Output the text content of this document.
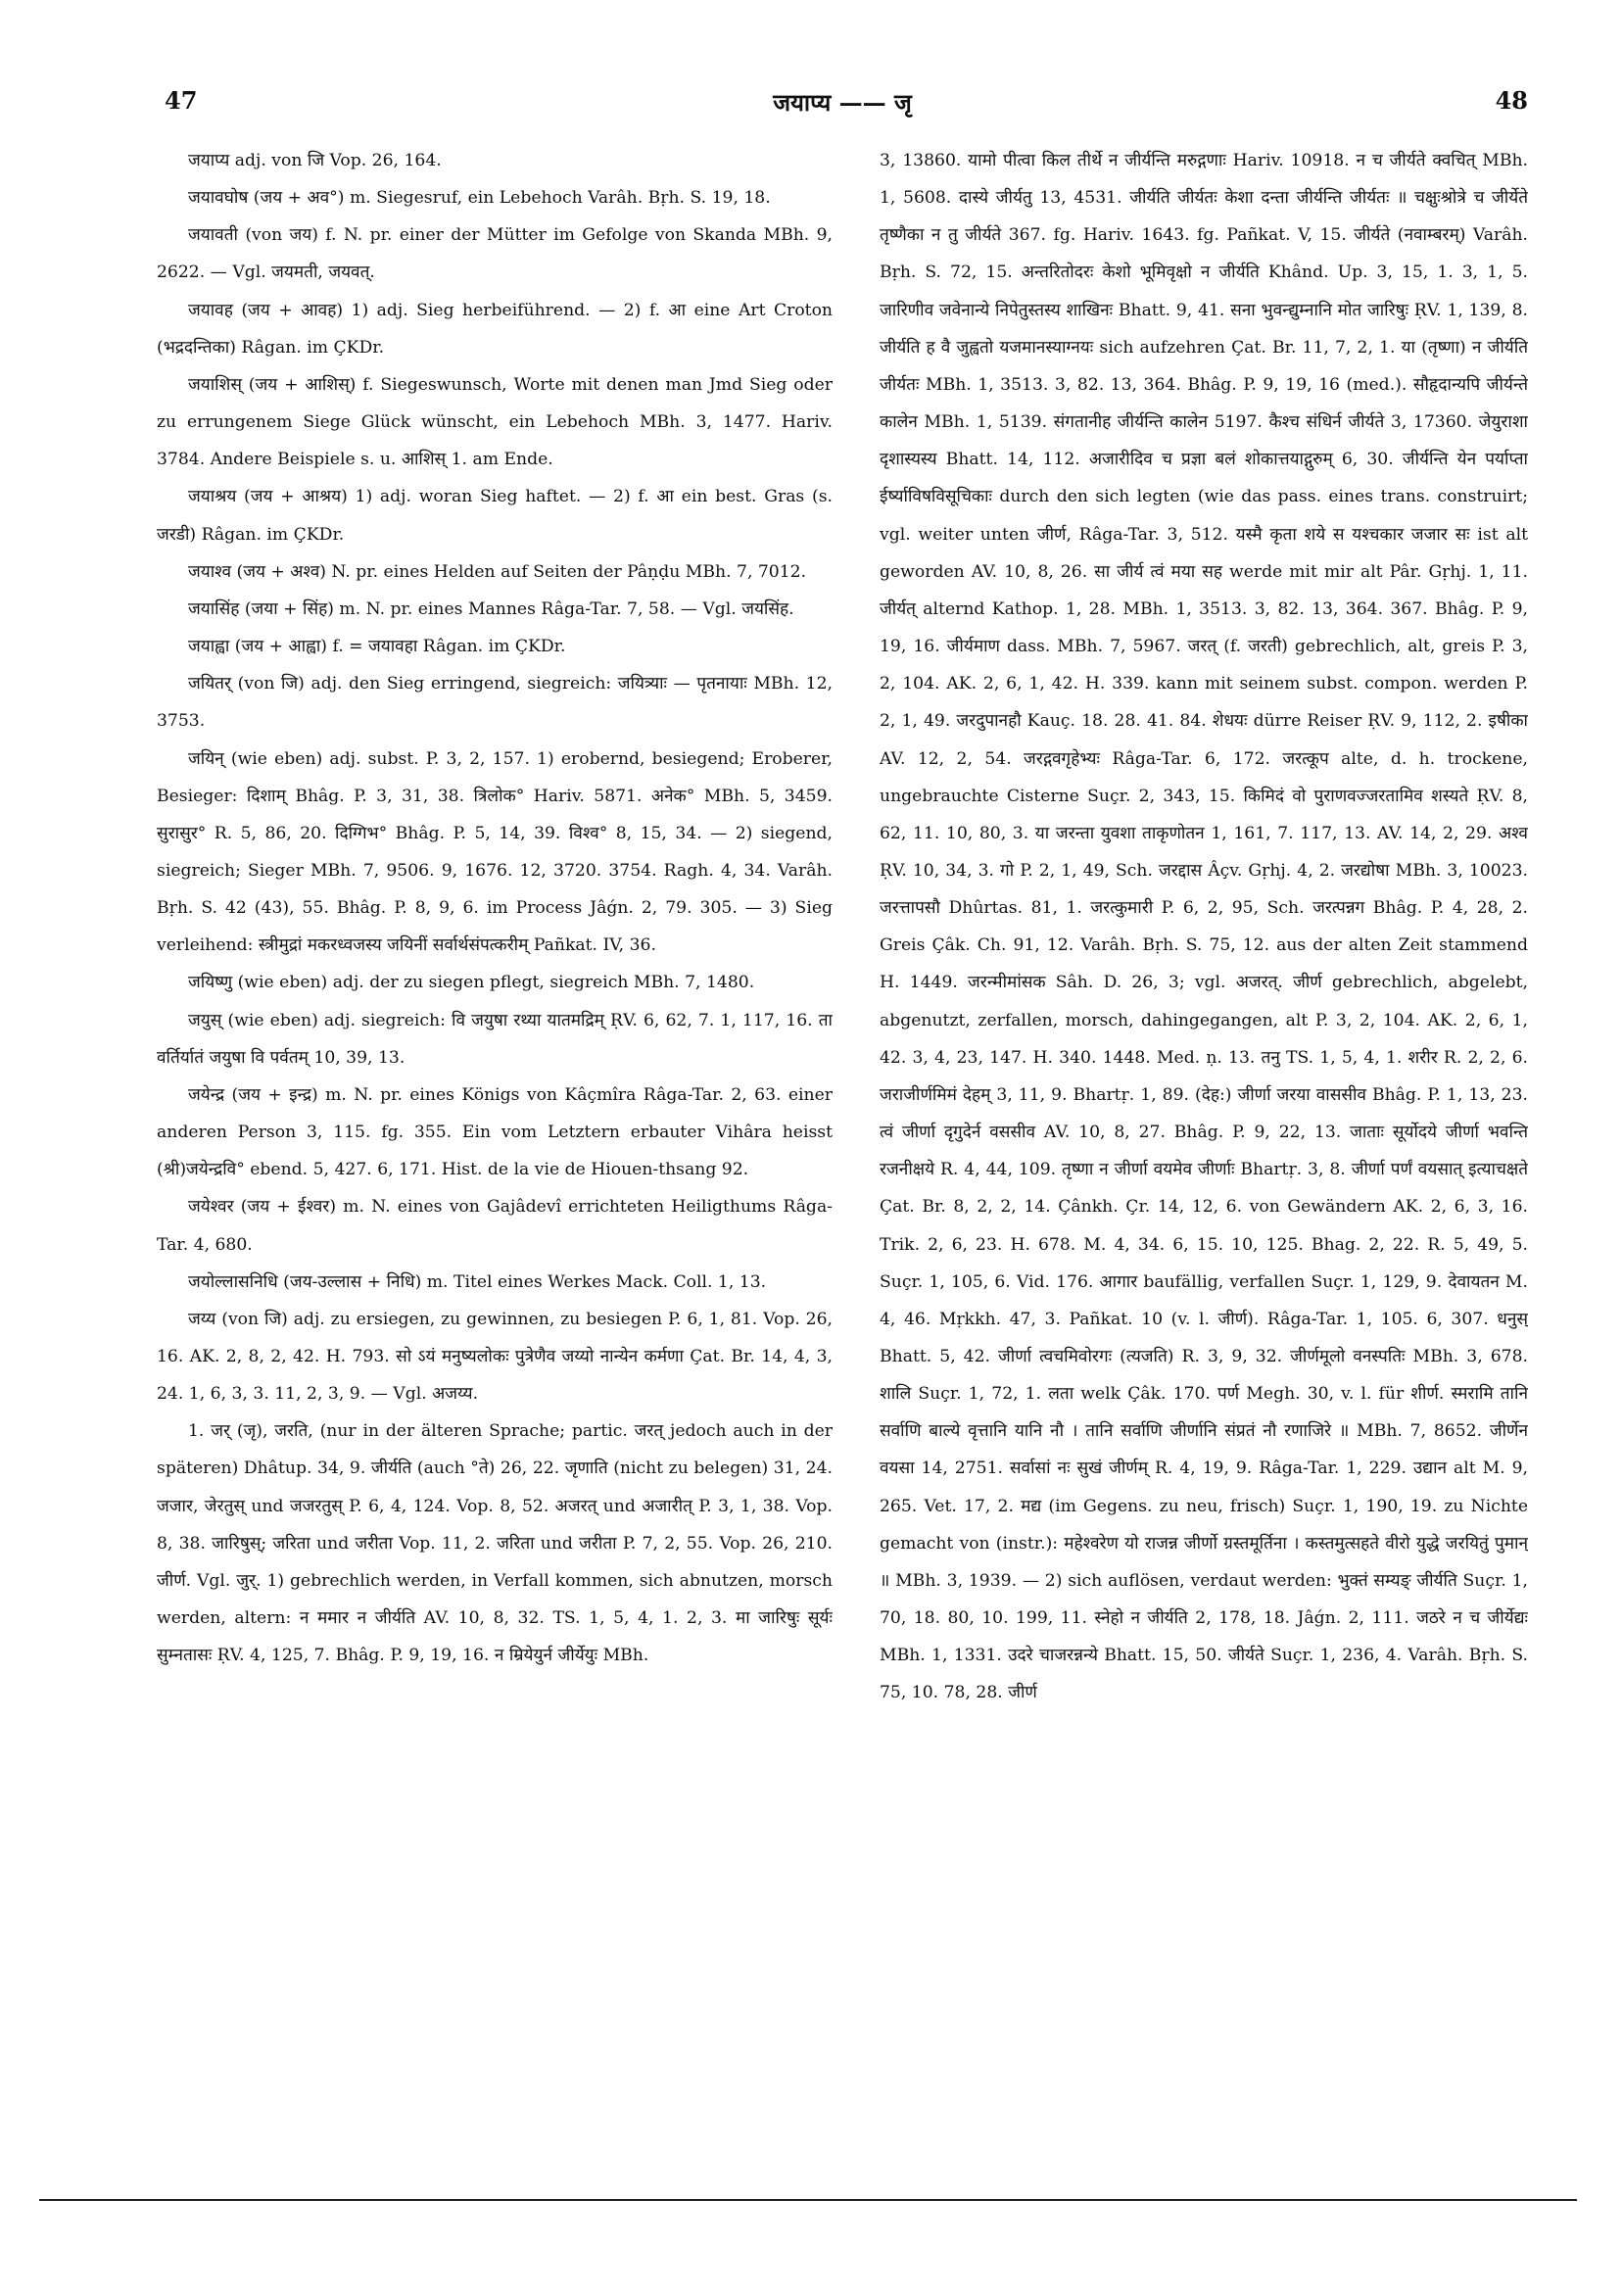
47	जयाप्य —— जृ	48

जयाप्य adj. von जि Vop. 26, 164.

जयावघोष (जय + अव°) m. Siegesruf, ein Lebehoch Varâh. Bṛh. S. 19, 18.

जयावती (von जय) f. N. pr. einer der Mütter im Gefolge von Skanda MBh. 9, 2622. — Vgl. जयमती, जयवत्.

जयावह (जय + आवह) 1) adj. Sieg herbeiführend. — 2) f. आ eine Art Croton (भद्रदन्तिका) Râgan. im ÇKDr.

जयाशिस् (जय + आशिस्) f. Siegeswunsch, Worte mit denen man Jmd Sieg oder zu errungenem Siege Glück wünscht, ein Lebehoch MBh. 3, 1477. Hariv. 3784. Andere Beispiele s. u. आशिस् 1. am Ende.

जयाश्रय (जय + आश्रय) 1) adj. woran Sieg haftet. — 2) f. आ ein best. Gras (s. जरडी) Râgan. im ÇKDr.

जयाश्व (जय + अश्व) N. pr. eines Helden auf Seiten der Pâṇḍu MBh. 7, 7012.

जयासिंह (जया + सिंह) m. N. pr. eines Mannes Râga-Tar. 7, 58. — Vgl. जयसिंह.

जयाह्वा (जय + आह्वा) f. = जयावहा Râgan. im ÇKDr.

जयितर् (von जि) adj. den Sieg erringend, siegreich: जयित्र्याः — पृतनायाः MBh. 12, 3753.

जयिन् (wie eben) adj. subst. P. 3, 2, 157. 1) erobernd, besiegend; Eroberer, Besieger: दिशाम् Bhâg. P. 3, 31, 38. त्रिलोक° Hariv. 5871. अनेक° MBh. 5, 3459. सुरासुर° R. 5, 86, 20. दिग्गिभ° Bhâg. P. 5, 14, 39. विश्व° 8, 15, 34. — 2) siegend, siegreich; Sieger MBh. 7, 9506. 9, 1676. 12, 3720. 3754. Ragh. 4, 34. Varâh. Bṛh. S. 42 (43), 55. Bhâg. P. 8, 9, 6. im Process Jâǵn. 2, 79. 305. — 3) Sieg verleihend: स्त्रीमुद्रां मकरध्वजस्य जयिनीं सर्वार्थसंपत्करीम् Pañkat. IV, 36.

जयिष्णु (wie eben) adj. der zu siegen pflegt, siegreich MBh. 7, 1480.

जयुस् (wie eben) adj. siegreich: वि जयुषा रथ्या यातमद्रिम् ṚV. 6, 62, 7. 1, 117, 16. ता वर्तिर्यातं जयुषा वि पर्वतम् 10, 39, 13.

जयेन्द्र (जय + इन्द्र) m. N. pr. eines Königs von Kâçmîra Râga-Tar. 2, 63. einer anderen Person 3, 115. fg. 355. Ein vom Letztern erbauter Vihâra heisst (श्री)जयेन्द्रवि° ebend. 5, 427. 6, 171. Hist. de la vie de Hiouen-thsang 92.

जयेश्वर (जय + ईश्वर) m. N. eines von Gajâdevî errichteten Heiligthums Râga-Tar. 4, 680.

जयोल्लासनिधि (जय-उल्लास + निधि) m. Titel eines Werkes Mack. Coll. 1, 13.

जय्य (von जि) adj. zu ersiegen, zu gewinnen, zu besiegen P. 6, 1, 81. Vop. 26, 16. AK. 2, 8, 2, 42. H. 793. सो ऽयं मनुष्यलोकः पुत्रेणैव जय्यो नान्येन कर्मणा Çat. Br. 14, 4, 3, 24. 1, 6, 3, 3. 11, 2, 3, 9. — Vgl. अजय्य.

1. जर् (जृ), जरति, (nur in der älteren Sprache; partic. जरत् jedoch auch in der späteren) Dhâtup. 34, 9. जीर्यति (auch °ते) 26, 22. जृणाति (nicht zu belegen) 31, 24. जजार, जेरतुस् und जजरतुस् P. 6, 4, 124. Vop. 8, 52. अजरत् und अजारीत् P. 3, 1, 38. Vop. 8, 38. जारिषुस्; जरिता und जरीता Vop. 11, 2. जरिता und जरीता P. 7, 2, 55. Vop. 26, 210. जीर्ण. Vgl. जुर्. 1) gebrechlich werden, in Verfall kommen, sich abnutzen, morsch werden, altern: न ममार न जीर्यति AV. 10, 8, 32. TS. 1, 5, 4, 1. 2, 3. मा जारिषुः सूर्यः सुम्नतासः ṚV. 4, 125, 7. Bhâg. P. 9, 19, 16. न म्रियेयुर्न जीर्येयुः MBh.

3, 13860. यामो पीत्वा किल तीर्थे न जीर्यन्ति मरुद्गणाः Hariv. 10918. न च जीर्यते क्वचित् MBh. 1, 5608. दास्ये जीर्यतु 13, 4531. जीर्यति जीर्यतः केशा दन्ता जीर्यन्ति जीर्यतः ॥ चक्षुःश्रोत्रे च जीर्येते तृष्णैका न तु जीर्यते 367. fg. Hariv. 1643. fg. Pañkat. V, 15. जीर्यते (नवाम्बरम्) Varâh. Bṛh. S. 72, 15. अन्तरितोदरः केशो भूमिवृक्षो न जीर्यति Khând. Up. 3, 15, 1. 3, 1, 5. जारिणीव जवेनान्ये निपेतुस्तस्य शाखिनः Bhatt. 9, 41. सना भुवन्द्युम्नानि मोत जारिषुः ṚV. 1, 139, 8. जीर्यति ह वै जुह्वतो यजमानस्याग्नयः sich aufzehren Çat. Br. 11, 7, 2, 1. या (तृष्णा) न जीर्यति जीर्यतः MBh. 1, 3513. 3, 82. 13, 364. Bhâg. P. 9, 19, 16 (med.). सौहृदान्यपि जीर्यन्ते कालेन MBh. 1, 5139. संगतानीह जीर्यन्ति कालेन 5197. कैश्च संधिर्न जीर्यते 3, 17360. जेयुराशा दृशास्यस्य Bhatt. 14, 112. अजारीदिव च प्रज्ञा बलं शोकात्तयाद्गुरुम् 6, 30. जीर्यन्ति येन पर्याप्ता ईर्ष्याविषविसूचिकाः durch den sich legten (wie das pass. eines trans. construirt; vgl. weiter unten जीर्ण, Râga-Tar. 3, 512. यस्मै कृता शये स यश्चकार जजार सः ist alt geworden AV. 10, 8, 26. सा जीर्य त्वं मया सह werde mit mir alt Pâr. Gṛhj. 1, 11. जीर्यत् alternd Kathop. 1, 28. MBh. 1, 3513. 3, 82. 13, 364. 367. Bhâg. P. 9, 19, 16. जीर्यमाण dass. MBh. 7, 5967. जरत् (f. जरती) gebrechlich, alt, greis P. 3, 2, 104. AK. 2, 6, 1, 42. H. 339. kann mit seinem subst. compon. werden P. 2, 1, 49. जरदुपानहौ Kauç. 18. 28. 41. 84. शेधयः dürre Reiser ṚV. 9, 112, 2. इषीका AV. 12, 2, 54. जरद्गवगृहेभ्यः Râga-Tar. 6, 172. जरत्कूप alte, d. h. trockene, ungebrauchte Cisterne Suçr. 2, 343, 15. किमिदं वो पुराणवज्जरतामिव शस्यते ṚV. 8, 62, 11. 10, 80, 3. या जरन्ता युवशा ताकृणोतन 1, 161, 7. 117, 13. AV. 14, 2, 29. अश्व ṚV. 10, 34, 3. गो P. 2, 1, 49, Sch. जरद्दास Âçv. Gṛhj. 4, 2. जरद्योषा MBh. 3, 10023. जरत्तापसौ Dhûrtas. 81, 1. जरत्कुमारी P. 6, 2, 95, Sch. जरत्पन्नग Bhâg. P. 4, 28, 2. Greis Çâk. Ch. 91, 12. Varâh. Bṛh. S. 75, 12. aus der alten Zeit stammend H. 1449. जरन्मीमांसक Sâh. D. 26, 3; vgl. अजरत्. जीर्ण gebrechlich, abgelebt, abgenutzt, zerfallen, morsch, dahingegangen, alt P. 3, 2, 104. AK. 2, 6, 1, 42. 3, 4, 23, 147. H. 340. 1448. Med. ṇ. 13. तनु TS. 1, 5, 4, 1. शरीर R. 2, 2, 6. जराजीर्णमिमं देहम् 3, 11, 9. Bhartṛ. 1, 89. (देह:) जीर्णा जरया वाससीव Bhâg. P. 1, 13, 23. त्वं जीर्णा दृगुदेर्न वससीव AV. 10, 8, 27. Bhâg. P. 9, 22, 13. जाताः सूर्योदये जीर्णा भवन्ति रजनीक्षये R. 4, 44, 109. तृष्णा न जीर्णा वयमेव जीर्णाः Bhartṛ. 3, 8. जीर्णा पर्णं वयसात् इत्याचक्षते Çat. Br. 8, 2, 2, 14. Çânkh. Çr. 14, 12, 6. von Gewändern AK. 2, 6, 3, 16. Trik. 2, 6, 23. H. 678. M. 4, 34. 6, 15. 10, 125. Bhag. 2, 22. R. 5, 49, 5. Suçr. 1, 105, 6. Vid. 176. आगार baufällig, verfallen Suçr. 1, 129, 9. देवायतन M. 4, 46. Mṛkkh. 47, 3. Pañkat. 10 (v. l. जीर्ण). Râga-Tar. 1, 105. 6, 307. धनुस् Bhatt. 5, 42. जीर्णा त्वचमिवोरगः (त्यजति) R. 3, 9, 32. जीर्णमूलो वनस्पतिः MBh. 3, 678. शालि Suçr. 1, 72, 1. लता welk Çâk. 170. पर्ण Megh. 30, v. l. für शीर्ण. स्मरामि तानि सर्वाणि बाल्ये वृत्तानि यानि नौ । तानि सर्वाणि जीर्णानि संप्रतं नौ रणाजिरे ॥ MBh. 7, 8652. जीर्णेन वयसा 14, 2751. सर्वासां नः सुखं जीर्णम् R. 4, 19, 9. Râga-Tar. 1, 229. उद्यान alt M. 9, 265. Vet. 17, 2. मद्य (im Gegens. zu neu, frisch) Suçr. 1, 190, 19. zu Nichte gemacht von (instr.): महेश्वरेण यो राजन्न जीर्णो ग्रस्तमूर्तिना । कस्तमुत्सहते वीरो युद्धे जरयितुं पुमान् ॥ MBh. 3, 1939. — 2) sich auflösen, verdaut werden: भुक्तं सम्यङ् जीर्यति Suçr. 1, 70, 18. 80, 10. 199, 11. स्नेहो न जीर्यति 2, 178, 18. Jâǵn. 2, 111. जठरे न च जीर्येद्यः MBh. 1, 1331. उदरे चाजरन्नन्ये Bhatt. 15, 50. जीर्यते Suçr. 1, 236, 4. Varâh. Bṛh. S. 75, 10. 78, 28. जीर्ण
